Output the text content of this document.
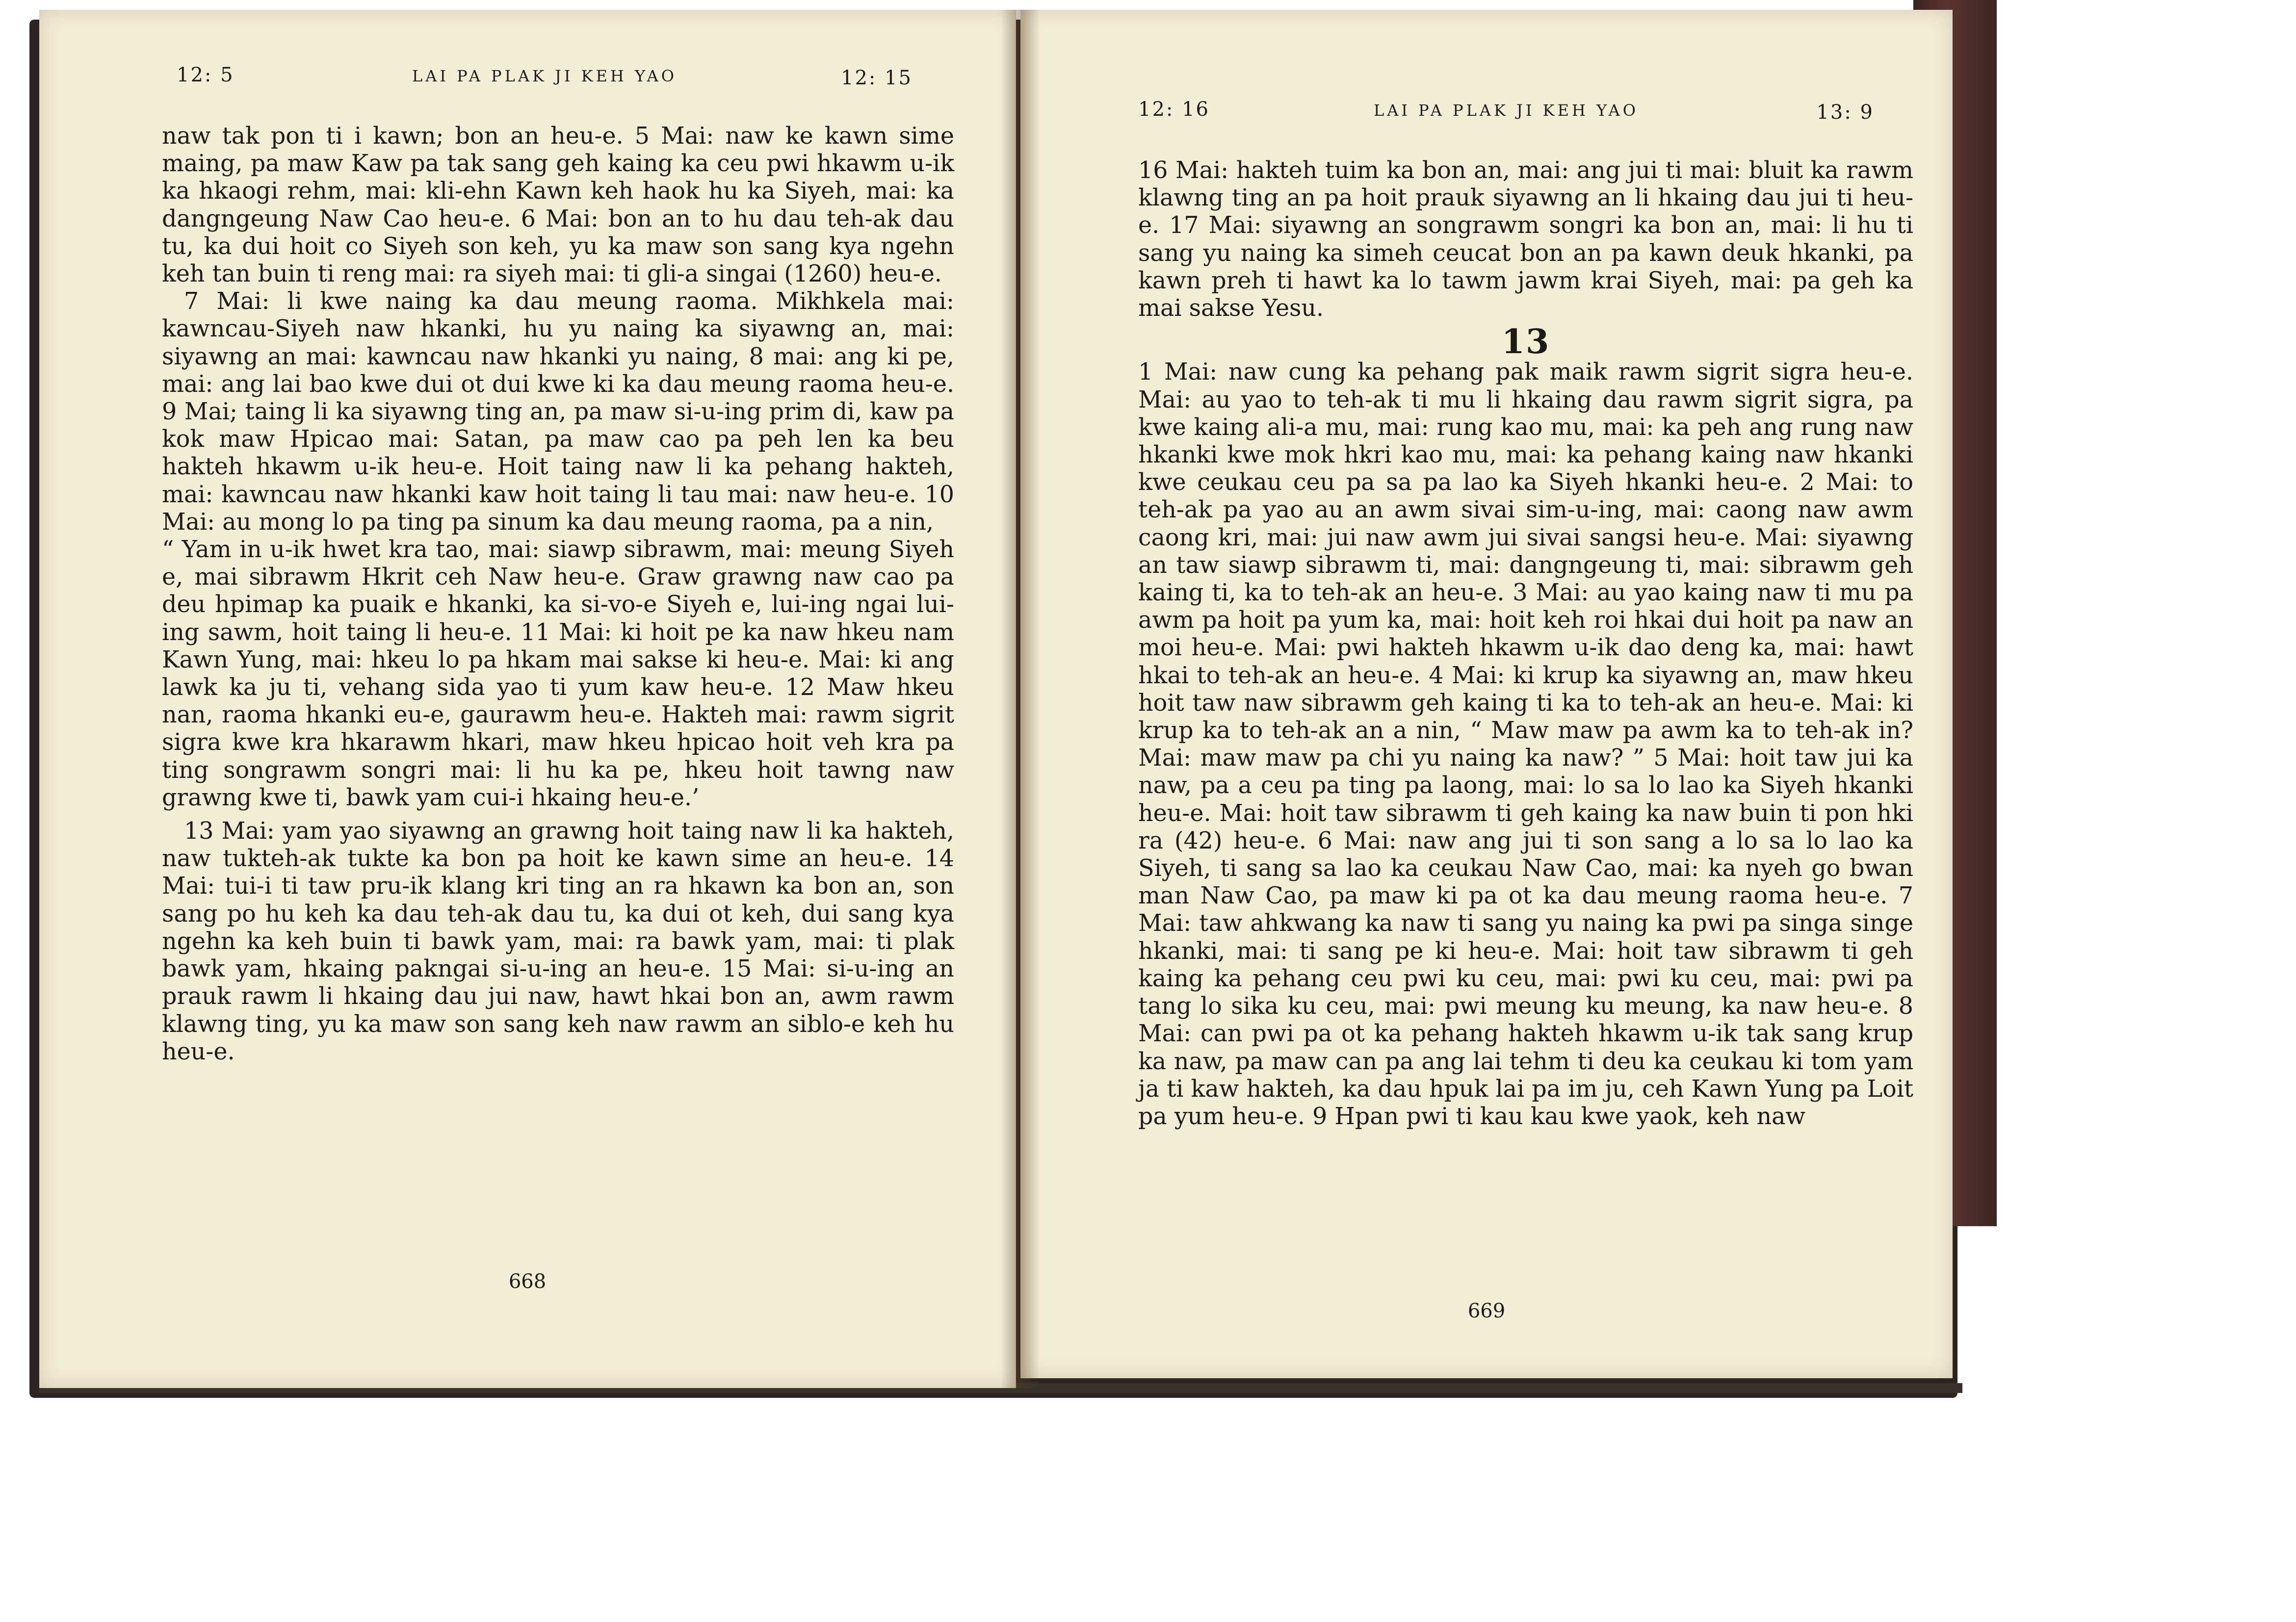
12: 5	LAI PA PLAK JI KEH YAO	12: 15

naw tak pon ti i kawn; bon an heu-e. 5 Mai: naw ke kawn sime maing, pa maw Kaw pa tak sang geh kaing ka ceu pwi hkawm u-ik ka hkaogi rehm, mai: kli-ehn Kawn keh haok hu ka Siyeh, mai: ka dangngeung Naw Cao heu-e. 6 Mai: bon an to hu dau teh-ak dau tu, ka dui hoit co Siyeh son keh, yu ka maw son sang kya ngehn keh tan buin ti reng mai: ra siyeh mai: ti gli-a singai (1260) heu-e.

7 Mai: li kwe naing ka dau meung raoma. Mikhkela mai: kawncau-Siyeh naw hkanki, hu yu naing ka siyawng an, mai: siyawng an mai: kawncau naw hkanki yu naing, 8 mai: ang ki pe, mai: ang lai bao kwe dui ot dui kwe ki ka dau meung raoma heu-e. 9 Mai; taing li ka siyawng ting an, pa maw si-u-ing prim di, kaw pa kok maw Hpicao mai: Satan, pa maw cao pa peh len ka beu hakteh hkawm u-ik heu-e. Hoit taing naw li ka pehang hakteh, mai: kawncau naw hkanki kaw hoit taing li tau mai: naw heu-e. 10 Mai: au mong lo pa ting pa sinum ka dau meung raoma, pa a nin,

“ Yam in u-ik hwet kra tao, mai: siawp sibrawm, mai: meung Siyeh e, mai sibrawm Hkrit ceh Naw heu-e. Graw grawng naw cao pa deu hpimap ka puaik e hkanki, ka si-vo-e Siyeh e, lui-ing ngai lui-ing sawm, hoit taing li heu-e. 11 Mai: ki hoit pe ka naw hkeu nam Kawn Yung, mai: hkeu lo pa hkam mai sakse ki heu-e. Mai: ki ang lawk ka ju ti, vehang sida yao ti yum kaw heu-e. 12 Maw hkeu nan, raoma hkanki eu-e, gaurawm heu-e. Hakteh mai: rawm sigrit sigra kwe kra hkarawm hkari, maw hkeu hpicao hoit veh kra pa ting songrawm songri mai: li hu ka pe, hkeu hoit tawng naw grawng kwe ti, bawk yam cui-i hkaing heu-e.’

13 Mai: yam yao siyawng an grawng hoit taing naw li ka hakteh, naw tukteh-ak tukte ka bon pa hoit ke kawn sime an heu-e. 14 Mai: tui-i ti taw pru-ik klang kri ting an ra hkawn ka bon an, son sang po hu keh ka dau teh-ak dau tu, ka dui ot keh, dui sang kya ngehn ka keh buin ti bawk yam, mai: ra bawk yam, mai: ti plak bawk yam, hkaing pakngai si-u-ing an heu-e. 15 Mai: si-u-ing an prauk rawm li hkaing dau jui naw, hawt hkai bon an, awm rawm klawng ting, yu ka maw son sang keh naw rawm an siblo-e keh hu heu-e.

668
12: 16	LAI PA PLAK JI KEH YAO	13: 9

16 Mai: hakteh tuim ka bon an, mai: ang jui ti mai: bluit ka rawm klawng ting an pa hoit prauk siyawng an li hkaing dau jui ti heu-e. 17 Mai: siyawng an songrawm songri ka bon an, mai: li hu ti sang yu naing ka simeh ceucat bon an pa kawn deuk hkanki, pa kawn preh ti hawt ka lo tawm jawm krai Siyeh, mai: pa geh ka mai sakse Yesu.

13

1 Mai: naw cung ka pehang pak maik rawm sigrit sigra heu-e. Mai: au yao to teh-ak ti mu li hkaing dau rawm sigrit sigra, pa kwe kaing ali-a mu, mai: rung kao mu, mai: ka peh ang rung naw hkanki kwe mok hkri kao mu, mai: ka pehang kaing naw hkanki kwe ceukau ceu pa sa pa lao ka Siyeh hkanki heu-e. 2 Mai: to teh-ak pa yao au an awm sivai sim-u-ing, mai: caong naw awm caong kri, mai: jui naw awm jui sivai sangsi heu-e. Mai: siyawng an taw siawp sibrawm ti, mai: dangngeung ti, mai: sibrawm geh kaing ti, ka to teh-ak an heu-e. 3 Mai: au yao kaing naw ti mu pa awm pa hoit pa yum ka, mai: hoit keh roi hkai dui hoit pa naw an moi heu-e. Mai: pwi hakteh hkawm u-ik dao deng ka, mai: hawt hkai to teh-ak an heu-e. 4 Mai: ki krup ka siyawng an, maw hkeu hoit taw naw sibrawm geh kaing ti ka to teh-ak an heu-e. Mai: ki krup ka to teh-ak an a nin, “ Maw maw pa awm ka to teh-ak in? Mai: maw maw pa chi yu naing ka naw? ” 5 Mai: hoit taw jui ka naw, pa a ceu pa ting pa laong, mai: lo sa lo lao ka Siyeh hkanki heu-e. Mai: hoit taw sibrawm ti geh kaing ka naw buin ti pon hki ra (42) heu-e. 6 Mai: naw ang jui ti son sang a lo sa lo lao ka Siyeh, ti sang sa lao ka ceukau Naw Cao, mai: ka nyeh go bwan man Naw Cao, pa maw ki pa ot ka dau meung raoma heu-e. 7 Mai: taw ahkwang ka naw ti sang yu naing ka pwi pa singa singe hkanki, mai: ti sang pe ki heu-e. Mai: hoit taw sibrawm ti geh kaing ka pehang ceu pwi ku ceu, mai: pwi ku ceu, mai: pwi pa tang lo sika ku ceu, mai: pwi meung ku meung, ka naw heu-e. 8 Mai: can pwi pa ot ka pehang hakteh hkawm u-ik tak sang krup ka naw, pa maw can pa ang lai tehm ti deu ka ceukau ki tom yam ja ti kaw hakteh, ka dau hpuk lai pa im ju, ceh Kawn Yung pa Loit pa yum heu-e. 9 Hpan pwi ti kau kau kwe yaok, keh naw

669
